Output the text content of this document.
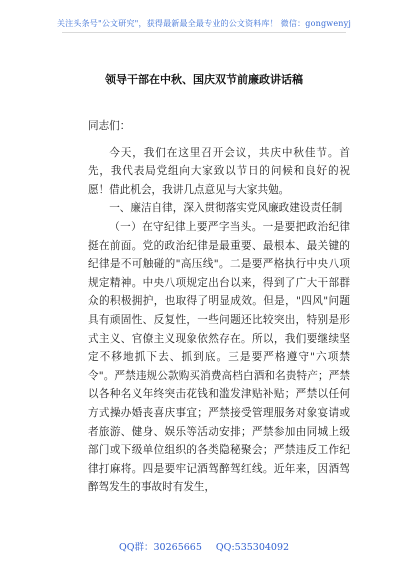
关注头条号"公文研究"，获得最新最全最专业的公文资料库！ 微信：gongwenyj
领导干部在中秋、国庆双节前廉政讲话稿

同志们：

今天，我们在这里召开会议，共庆中秋佳节。首先，我代表局党组向大家致以节日的问候和良好的祝愿！借此机会，我讲几点意见与大家共勉。

一、廉洁自律，深入贯彻落实党风廉政建设责任制

（一）在守纪律上要严字当头。一是要把政治纪律挺在前面。党的政治纪律是最重要、最根本、最关键的纪律是不可触碰的"高压线"。二是要严格执行中央八项规定精神。中央八项规定出台以来，得到了广大干部群众的积极拥护，也取得了明显成效。但是，"四风"问题具有顽固性、反复性，一些问题还比较突出，特别是形式主义、官僚主义现象依然存在。所以，我们要继续坚定不移地抓下去、抓到底。三是要严格遵守"六项禁令"。严禁违规公款购买消费高档白酒和名贵特产；严禁以各种名义年终突击花钱和滥发津贴补贴；严禁以任何方式操办婚丧喜庆事宜；严禁接受管理服务对象宴请或者旅游、健身、娱乐等活动安排；严禁参加由同城上级部门或下级单位组织的各类隐秘聚会；严禁违反工作纪律打麻将。四是要牢记酒驾醉驾红线。近年来，因酒驾醉驾发生的事故时有发生，

QQ群：30265665 QQ:535304092
